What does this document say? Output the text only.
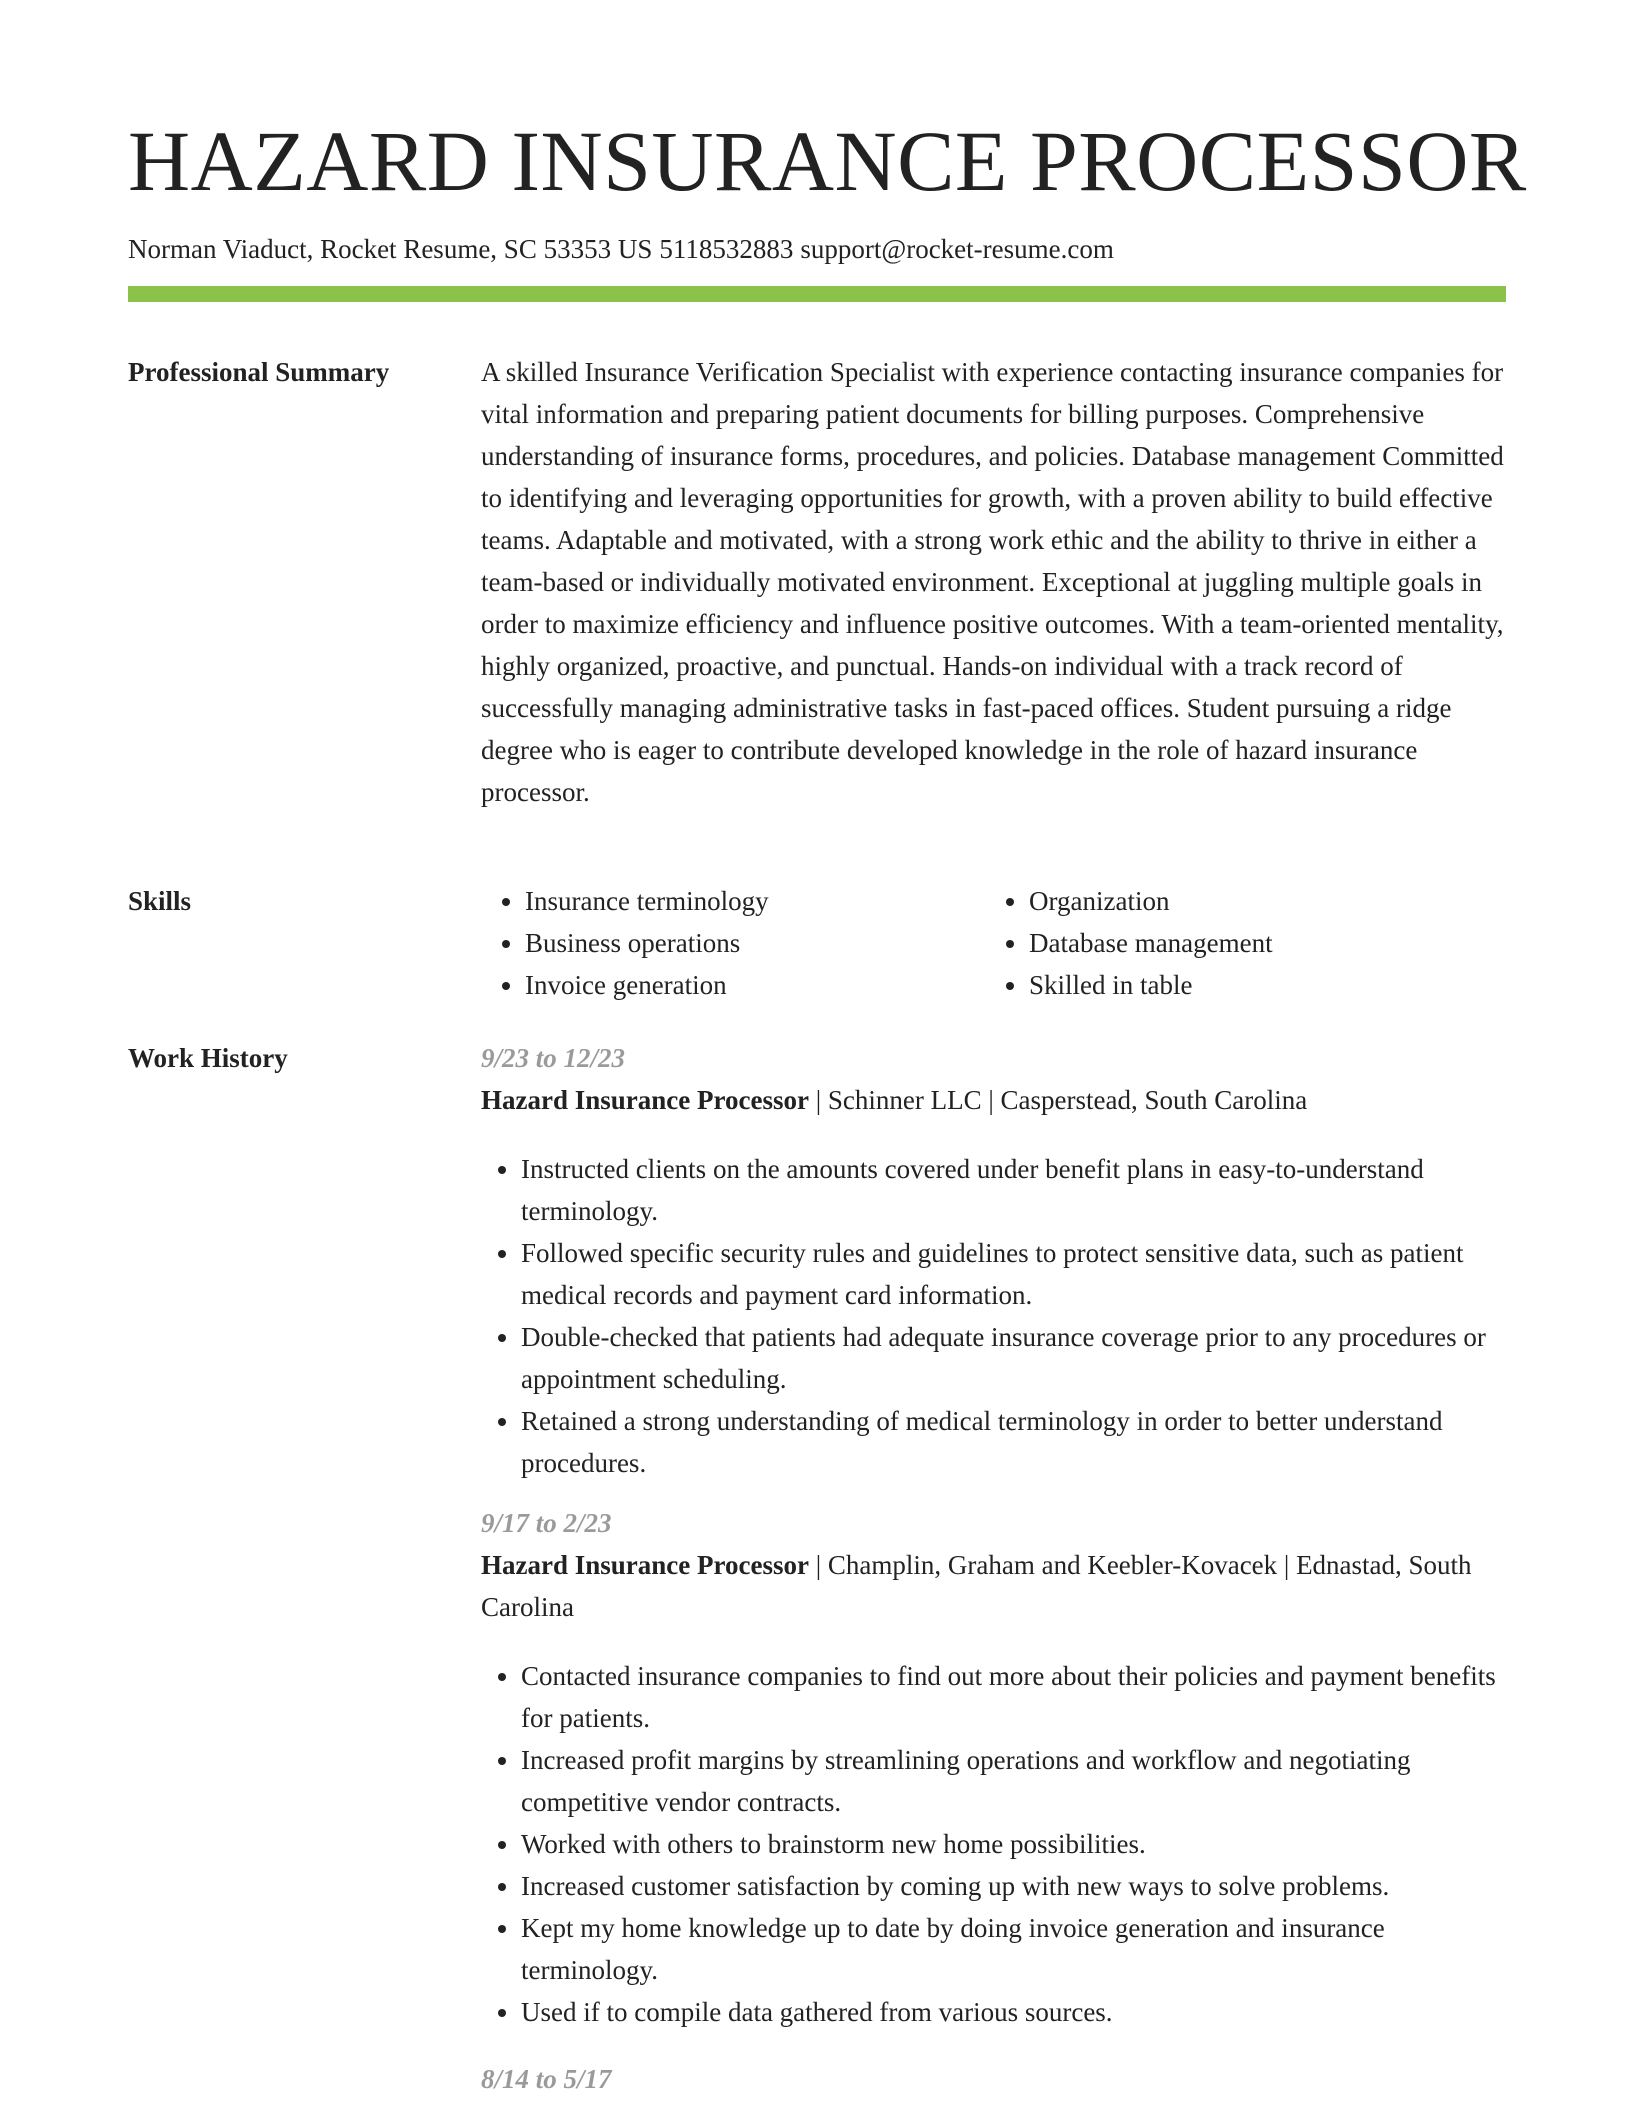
HAZARD INSURANCE PROCESSOR
Norman Viaduct, Rocket Resume, SC 53353 US 5118532883 support@rocket-resume.com
Professional Summary	A skilled Insurance Verification Specialist with experience contacting insurance companies for vital information and preparing patient documents for billing purposes. Comprehensive understanding of insurance forms, procedures, and policies. Database management Committed to identifying and leveraging opportunities for growth, with a proven ability to build effective teams. Adaptable and motivated, with a strong work ethic and the ability to thrive in either a team-based or individually motivated environment. Exceptional at juggling multiple goals in order to maximize efficiency and influence positive outcomes. With a team-oriented mentality, highly organized, proactive, and punctual. Hands-on individual with a track record of successfully managing administrative tasks in fast-paced offices. Student pursuing a ridge degree who is eager to contribute developed knowledge in the role of hazard insurance processor.

Skills
•	Insurance terminology
• Business operations
• Invoice generation
• Organization
• Database management
• Skilled in table
Work History	9/23 to 12/23
Hazard Insurance Processor | Schinner LLC | Casperstead, South Carolina
• Instructed clients on the amounts covered under benefit plans in easy-to-understand terminology.
• Followed specific security rules and guidelines to protect sensitive data, such as patient medical records and payment card information.
• Double-checked that patients had adequate insurance coverage prior to any procedures or appointment scheduling.
• Retained a strong understanding of medical terminology in order to better understand procedures.
9/17 to 2/23
Hazard Insurance Processor | Champlin, Graham and Keebler-Kovacek | Ednastad, South Carolina
• Contacted insurance companies to find out more about their policies and payment benefits for patients.
• Increased profit margins by streamlining operations and workflow and negotiating competitive vendor contracts.
• Worked with others to brainstorm new home possibilities.
• Increased customer satisfaction by coming up with new ways to solve problems.
• Kept my home knowledge up to date by doing invoice generation and insurance terminology.
• Used if to compile data gathered from various sources.
8/14 to 5/17
